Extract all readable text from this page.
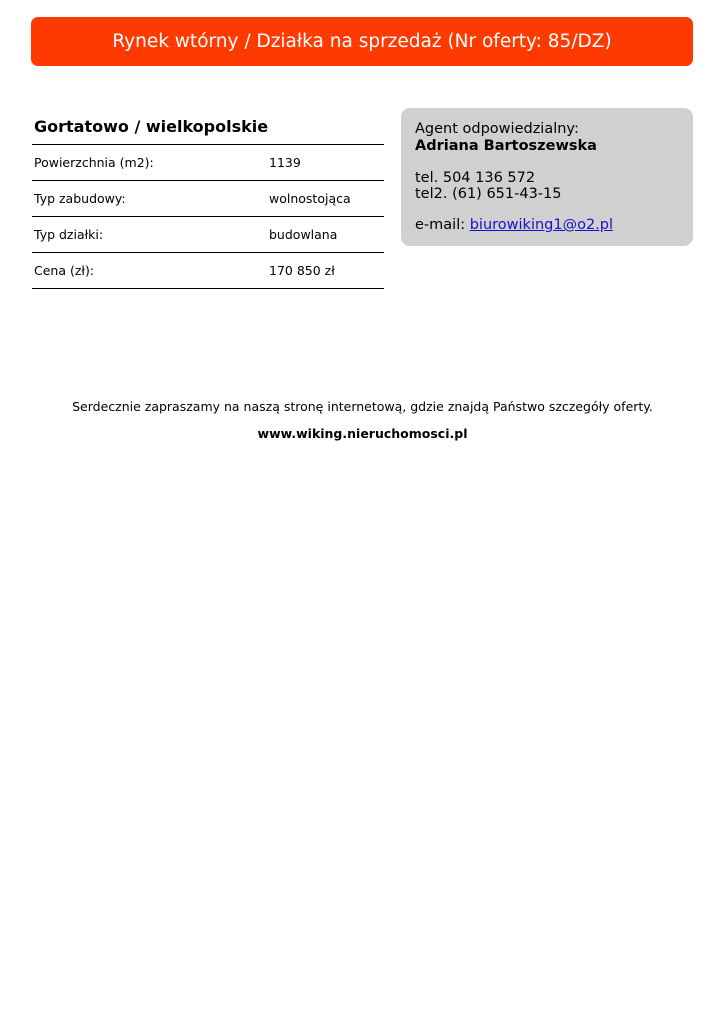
Rynek wtórny / Działka na sprzedaż (Nr oferty: 85/DZ)
Gortatowo / wielkopolskie
Powierzchnia (m2):	1139
Typ zabudowy:	wolnostojąca
Typ działki:	budowlana
Cena (zł):	170 850 zł
Agent odpowiedzialny:
Adriana Bartoszewska
tel. 504 136 572
tel2. (61) 651-43-15
e-mail: biurowiking1@o2.pl
Serdecznie zapraszamy na naszą stronę internetową, gdzie znajdą Państwo szczegóły oferty.
www.wiking.nieruchomosci.pl
